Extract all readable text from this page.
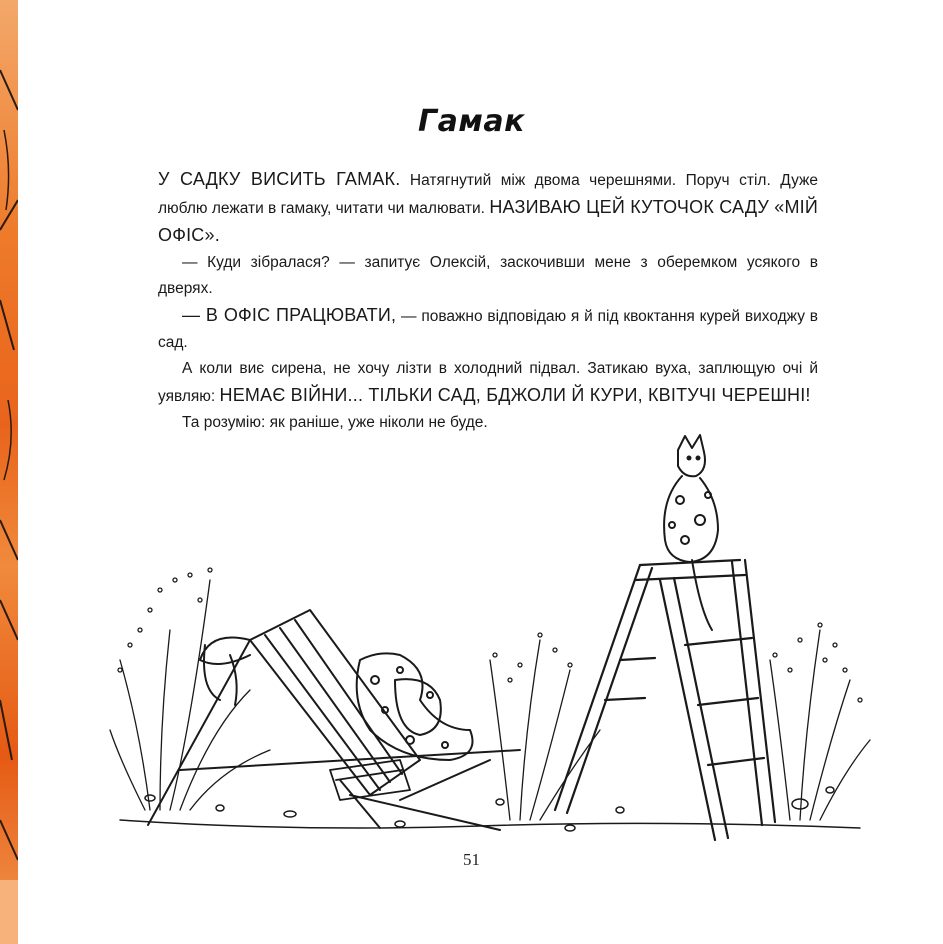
Гамак

У САДКУ ВИСИТЬ ГАМАК. Натягнутий між двома черешнями. Поруч стіл. Дуже люблю лежати в гамаку, читати чи малювати. НАЗИВАЮ ЦЕЙ КУТОЧОК САДУ «МІЙ ОФІС».

— Куди зібралася? — запитує Олексій, заскочивши мене з оберемком усякого в дверях.

— В ОФІС ПРАЦЮВАТИ, — поважно відповідаю я й під квоктання курей виходжу в сад.

А коли виє сирена, не хочу лізти в холодний підвал. Затикаю вуха, заплющую очі й уявляю: НЕМАЄ ВІЙНИ... ТІЛЬКИ САД, БДЖОЛИ Й КУРИ, КВІТУЧІ ЧЕРЕШНІ!

Та розумію: як раніше, уже ніколи не буде.

51
